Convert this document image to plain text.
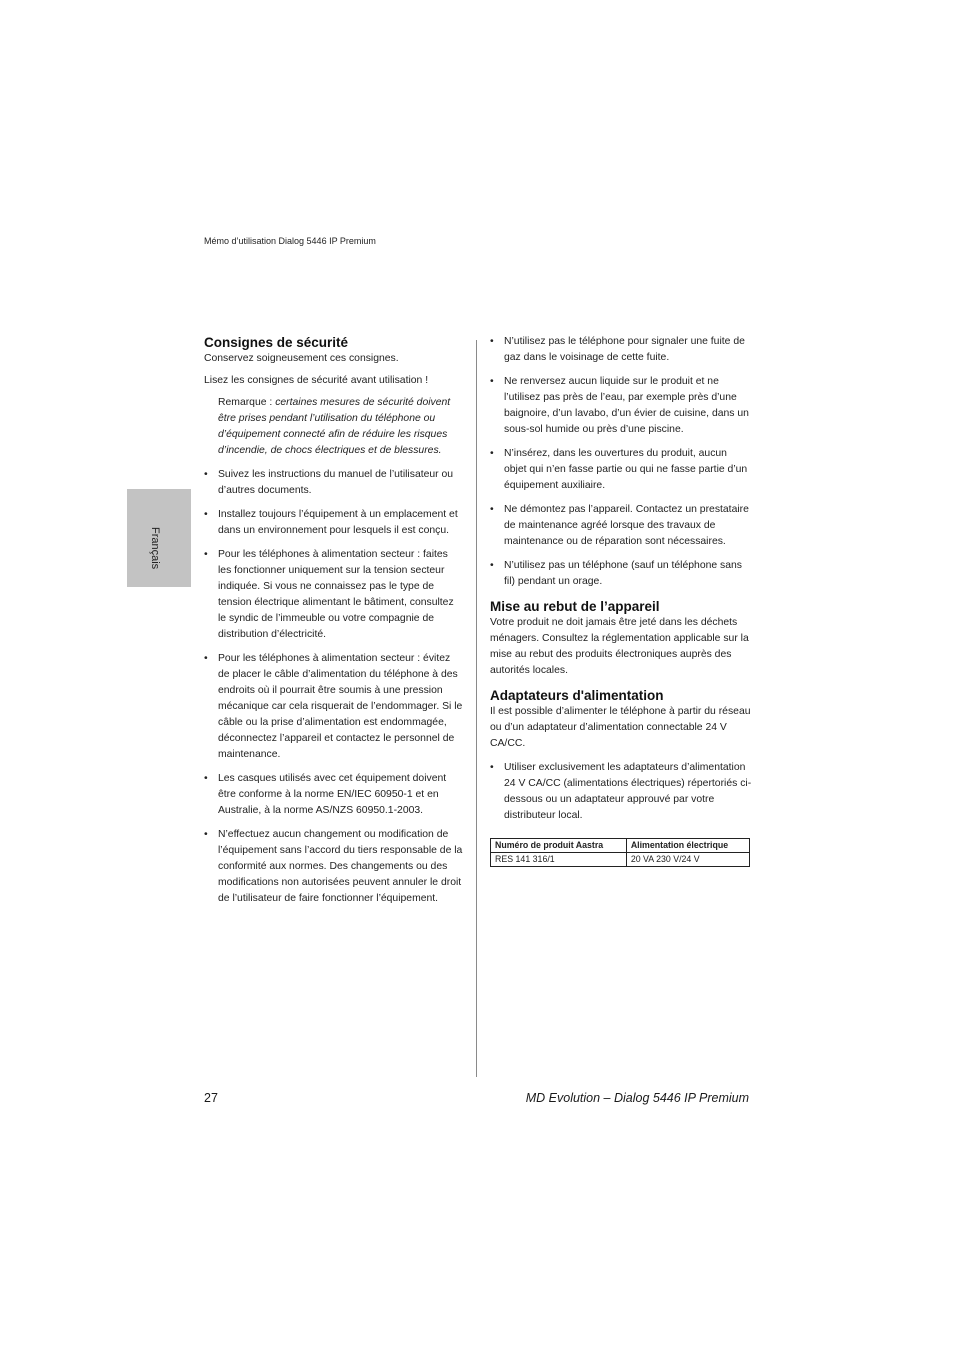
Mémo d’utilisation Dialog 5446 IP Premium
Français
Consignes de sécurité

Conservez soigneusement ces consignes.

Lisez les consignes de sécurité avant utilisation !

Remarque : certaines mesures de sécurité doivent être prises pendant l’utilisation du téléphone ou d’équipement connecté afin de réduire les risques d’incendie, de chocs électriques et de blessures.

• Suivez les instructions du manuel de l’utilisateur ou d’autres documents.
• Installez toujours l’équipement à un emplacement et dans un environnement pour lesquels il est conçu.
• Pour les téléphones à alimentation secteur : faites les fonctionner uniquement sur la tension secteur indiquée. Si vous ne connaissez pas le type de tension électrique alimentant le bâtiment, consultez le syndic de l’immeuble ou votre compagnie de distribution d’électricité.
• Pour les téléphones à alimentation secteur : évitez de placer le câble d’alimentation du téléphone à des endroits où il pourrait être soumis à une pression mécanique car cela risquerait de l’endommager. Si le câble ou la prise d’alimentation est endommagée, déconnectez l’appareil et contactez le personnel de maintenance.
• Les casques utilisés avec cet équipement doivent être conforme à la norme EN/IEC 60950-1 et en Australie, à la norme AS/NZS 60950.1-2003.
• N’effectuez aucun changement ou modification de l’équipement sans l’accord du tiers responsable de la conformité aux normes. Des changements ou des modifications non autorisées peuvent annuler le droit de l’utilisateur de faire fonctionner l’équipement.
• N’utilisez pas le téléphone pour signaler une fuite de gaz dans le voisinage de cette fuite.
• Ne renversez aucun liquide sur le produit et ne l’utilisez pas près de l’eau, par exemple près d’une baignoire, d’un lavabo, d’un évier de cuisine, dans un sous-sol humide ou près d’une piscine.
• N’insérez, dans les ouvertures du produit, aucun objet qui n’en fasse partie ou qui ne fasse partie d’un équipement auxiliaire.
• Ne démontez pas l’appareil. Contactez un prestataire de maintenance agréé lorsque des travaux de maintenance ou de réparation sont nécessaires.
• N’utilisez pas un téléphone (sauf un téléphone sans fil) pendant un orage.
Mise au rebut de l’appareil

Votre produit ne doit jamais être jeté dans les déchets ménagers. Consultez la réglementation applicable sur la mise au rebut des produits électroniques auprès des autorités locales.

Adaptateurs d'alimentation

Il est possible d’alimenter le téléphone à partir du réseau ou d’un adaptateur d’alimentation connectable 24 V CA/CC.

• Utiliser exclusivement les adaptateurs d’alimentation 24 V CA/CC (alimentations électriques) répertoriés ci-dessous ou un adaptateur approuvé par votre distributeur local.
Numéro de produit Aastra	Alimentation électrique
RES 141 316/1	20 VA 230 V/24 V
27	MD Evolution – Dialog 5446 IP Premium
